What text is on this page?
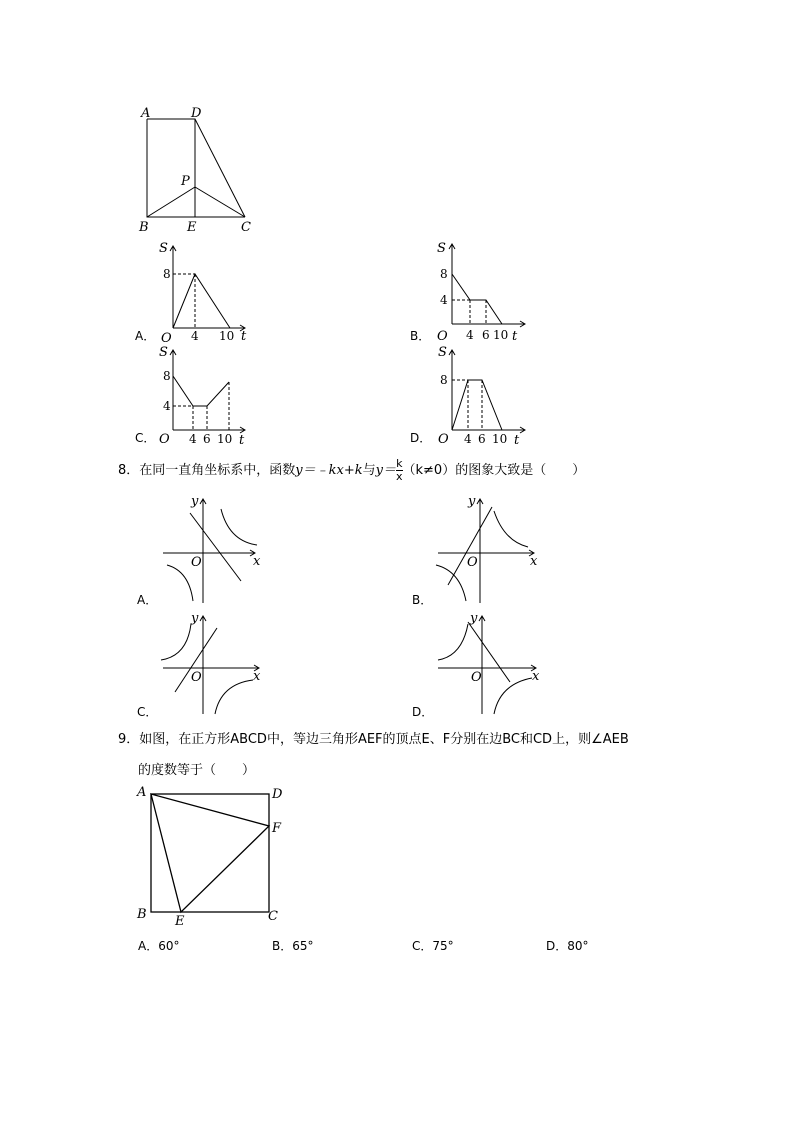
A	D
P
B	E	C
A．
S
t
O
8
4 10	B．
S
t
O
8
4
4 6 10
C．
S
t
O
8
4
4 6 10	D．
S
t
O
8
4 6 10
8．在同一直角坐标系中，函数y＝﹣kx+k与$y= \frac{k}{x} (k\ne 0)$的图象大致是（　　）
A．
y
x
O
B．
y
x
O
C．
y
x
O
D．
y
x
O
9．如图，在正方形ABCD中，等边三角形AEF的顶点E、F分别在边BC和CD上，则∠AEB
的度数等于（　　）
A	D
F
B E	C
A．60°	B．65°	C．75°	D．80°
